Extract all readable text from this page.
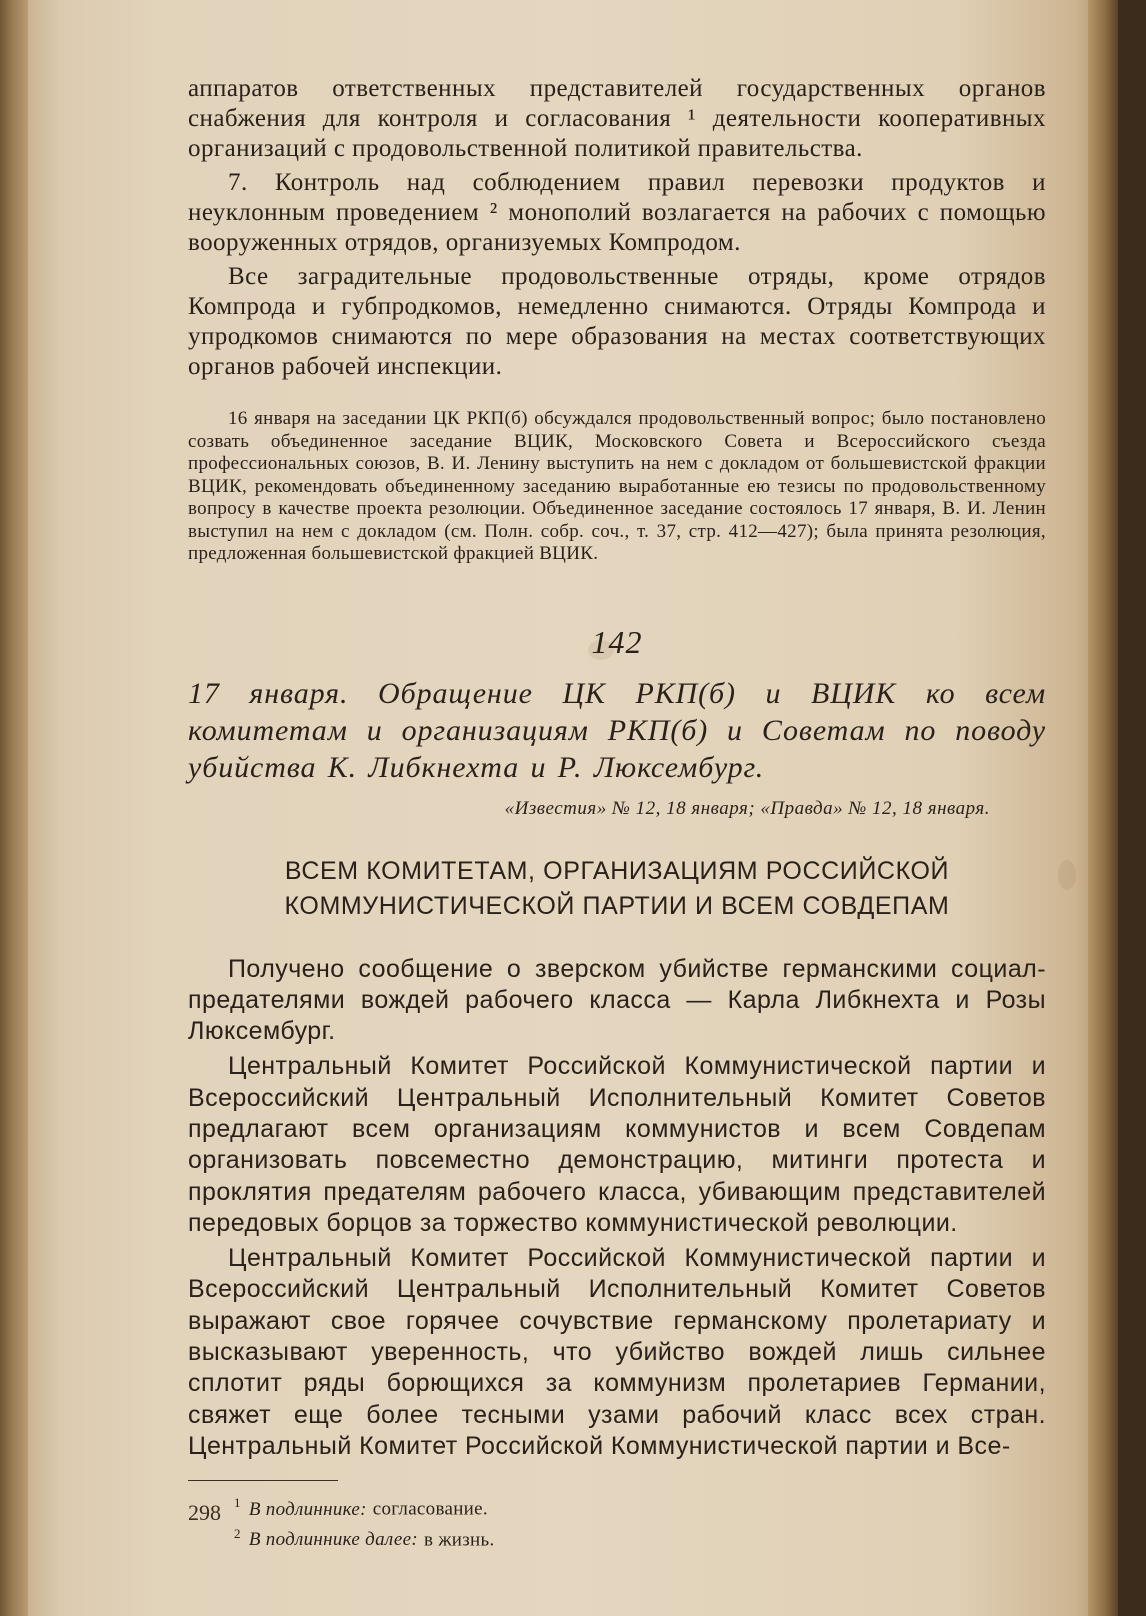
аппаратов ответственных представителей государственных органов снабжения для контроля и согласования ¹ деятельности кооперативных организаций с продовольственной политикой правительства.

7. Контроль над соблюдением правил перевозки продуктов и неуклонным проведением ² монополий возлагается на рабочих с помощью вооруженных отрядов, организуемых Компродом.

Все заградительные продовольственные отряды, кроме отрядов Компрода и губпродкомов, немедленно снимаются. Отряды Компрода и упродкомов снимаются по мере образования на местах соответствующих органов рабочей инспекции.

16 января на заседании ЦК РКП(б) обсуждался продовольственный вопрос; было постановлено созвать объединенное заседание ВЦИК, Московского Совета и Всероссийского съезда профессиональных союзов, В. И. Ленину выступить на нем с докладом от большевистской фракции ВЦИК, рекомендовать объединенному заседанию выработанные ею тезисы по продовольственному вопросу в качестве проекта резолюции. Объединенное заседание состоялось 17 января, В. И. Ленин выступил на нем с докладом (см. Полн. собр. соч., т. 37, стр. 412—427); была принята резолюция, предложенная большевистской фракцией ВЦИК.

142
17 января. Обращение ЦК РКП(б) и ВЦИК ко всем комитетам и организациям РКП(б) и Советам по поводу убийства К. Либкнехта и Р. Люксембург.
«Известия» № 12, 18 января; «Правда» № 12, 18 января.
ВСЕМ КОМИТЕТАМ, ОРГАНИЗАЦИЯМ РОССИЙСКОЙ
КОММУНИСТИЧЕСКОЙ ПАРТИИ И ВСЕМ СОВДЕПАМ

Получено сообщение о зверском убийстве германскими социал-предателями вождей рабочего класса — Карла Либкнехта и Розы Люксембург.

Центральный Комитет Российской Коммунистической партии и Всероссийский Центральный Исполнительный Комитет Советов предлагают всем организациям коммунистов и всем Совдепам организовать повсеместно демонстрацию, митинги протеста и проклятия предателям рабочего класса, убивающим представителей передовых борцов за торжество коммунистической революции.

Центральный Комитет Российской Коммунистической партии и Всероссийский Центральный Исполнительный Комитет Советов выражают свое горячее сочувствие германскому пролетариату и высказывают уверенность, что убийство вождей лишь сильнее сплотит ряды борющихся за коммунизм пролетариев Германии, свяжет еще более тесными узами рабочий класс всех стран. Центральный Комитет Российской Коммунистической партии и Все-

$^1$ В подлиннике: согласование.
$^2$ В подлиннике далее: в жизнь.
298
